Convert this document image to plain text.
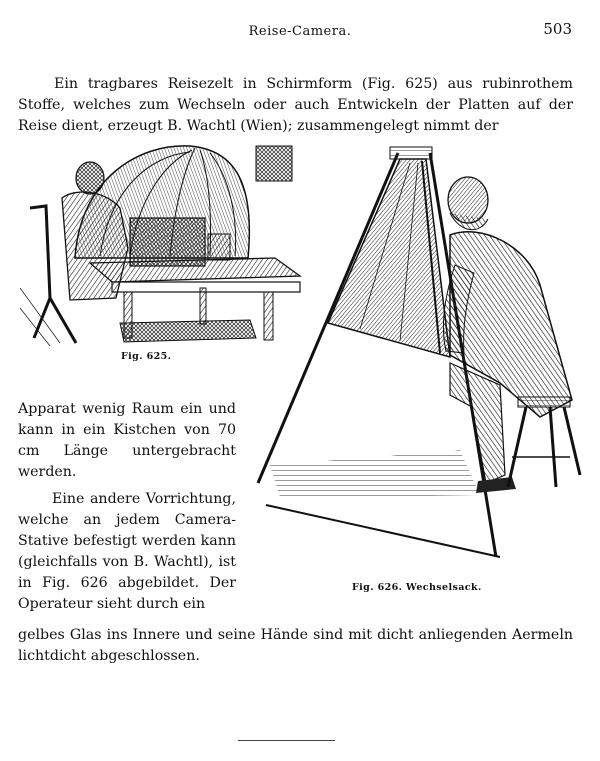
Reise-Camera.	503

Ein tragbares Reisezelt in Schirmform (Fig. 625) aus rubinrothem Stoffe, welches zum Wechseln oder auch Entwickeln der Platten auf der Reise dient, erzeugt B. Wachtl (Wien); zusammengelegt nimmt der

Fig. 625.
Fig. 626. Wechselsack.

Apparat wenig Raum ein und kann in ein Kistchen von 70 cm Länge untergebracht werden.

Eine andere Vorrichtung, welche an jedem Camera-Stative befestigt werden kann (gleichfalls von B. Wachtl), ist in Fig. 626 abgebildet. Der Operateur sieht durch ein

gelbes Glas ins Innere und seine Hände sind mit dicht anliegenden Aermeln lichtdicht abgeschlossen.
